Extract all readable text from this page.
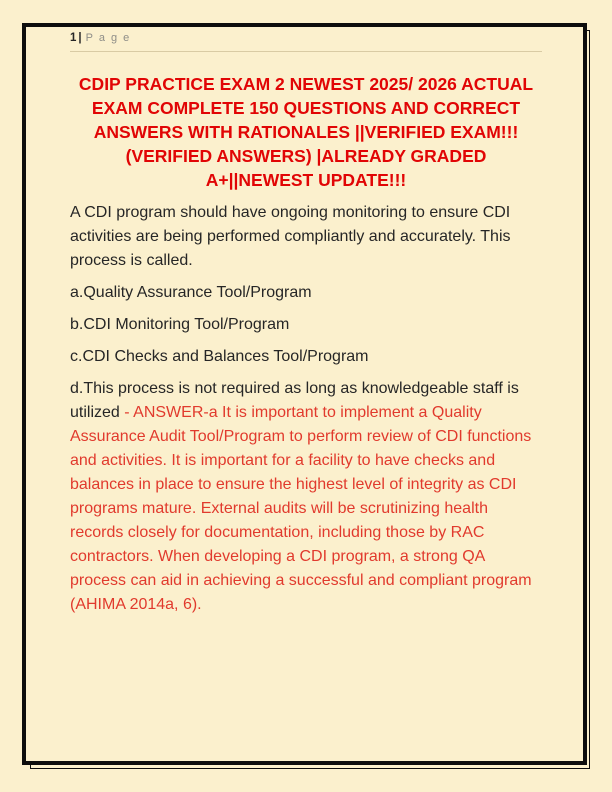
1 | P a g e
CDIP PRACTICE EXAM 2 NEWEST 2025/ 2026 ACTUAL
EXAM COMPLETE 150 QUESTIONS AND CORRECT
ANSWERS WITH RATIONALES ||VERIFIED EXAM!!!
(VERIFIED ANSWERS) |ALREADY GRADED
A+||NEWEST UPDATE!!!

A CDI program should have ongoing monitoring to ensure CDI activities are being performed compliantly and accurately. This process is called.

a.Quality Assurance Tool/Program

b.CDI Monitoring Tool/Program

c.CDI Checks and Balances Tool/Program

d.This process is not required as long as knowledgeable staff is utilized - ANSWER-a It is important to implement a Quality Assurance Audit Tool/Program to perform review of CDI functions and activities. It is important for a facility to have checks and balances in place to ensure the highest level of integrity as CDI programs mature. External audits will be scrutinizing health records closely for documentation, including those by RAC contractors. When developing a CDI program, a strong QA process can aid in achieving a successful and compliant program (AHIMA 2014a, 6).
